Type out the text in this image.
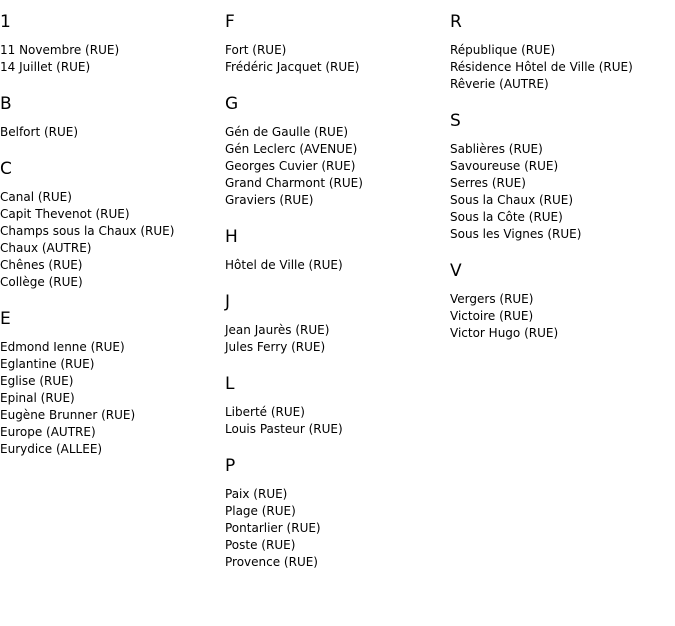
1
11 Novembre (RUE)
14 Juillet (RUE)
B
Belfort (RUE)
C
Canal (RUE)
Capit Thevenot (RUE)
Champs sous la Chaux (RUE)
Chaux (AUTRE)
Chênes (RUE)
Collège (RUE)
E
Edmond Ienne (RUE)
Eglantine (RUE)
Eglise (RUE)
Epinal (RUE)
Eugène Brunner (RUE)
Europe (AUTRE)
Eurydice (ALLEE)
F
Fort (RUE)
Frédéric Jacquet (RUE)
G
Gén de Gaulle (RUE)
Gén Leclerc (AVENUE)
Georges Cuvier (RUE)
Grand Charmont (RUE)
Graviers (RUE)
H
Hôtel de Ville (RUE)
J
Jean Jaurès (RUE)
Jules Ferry (RUE)
L
Liberté (RUE)
Louis Pasteur (RUE)
P
Paix (RUE)
Plage (RUE)
Pontarlier (RUE)
Poste (RUE)
Provence (RUE)
R
République (RUE)
Résidence Hôtel de Ville (RUE)
Rêverie (AUTRE)
S
Sablières (RUE)
Savoureuse (RUE)
Serres (RUE)
Sous la Chaux (RUE)
Sous la Côte (RUE)
Sous les Vignes (RUE)
V
Vergers (RUE)
Victoire (RUE)
Victor Hugo (RUE)
